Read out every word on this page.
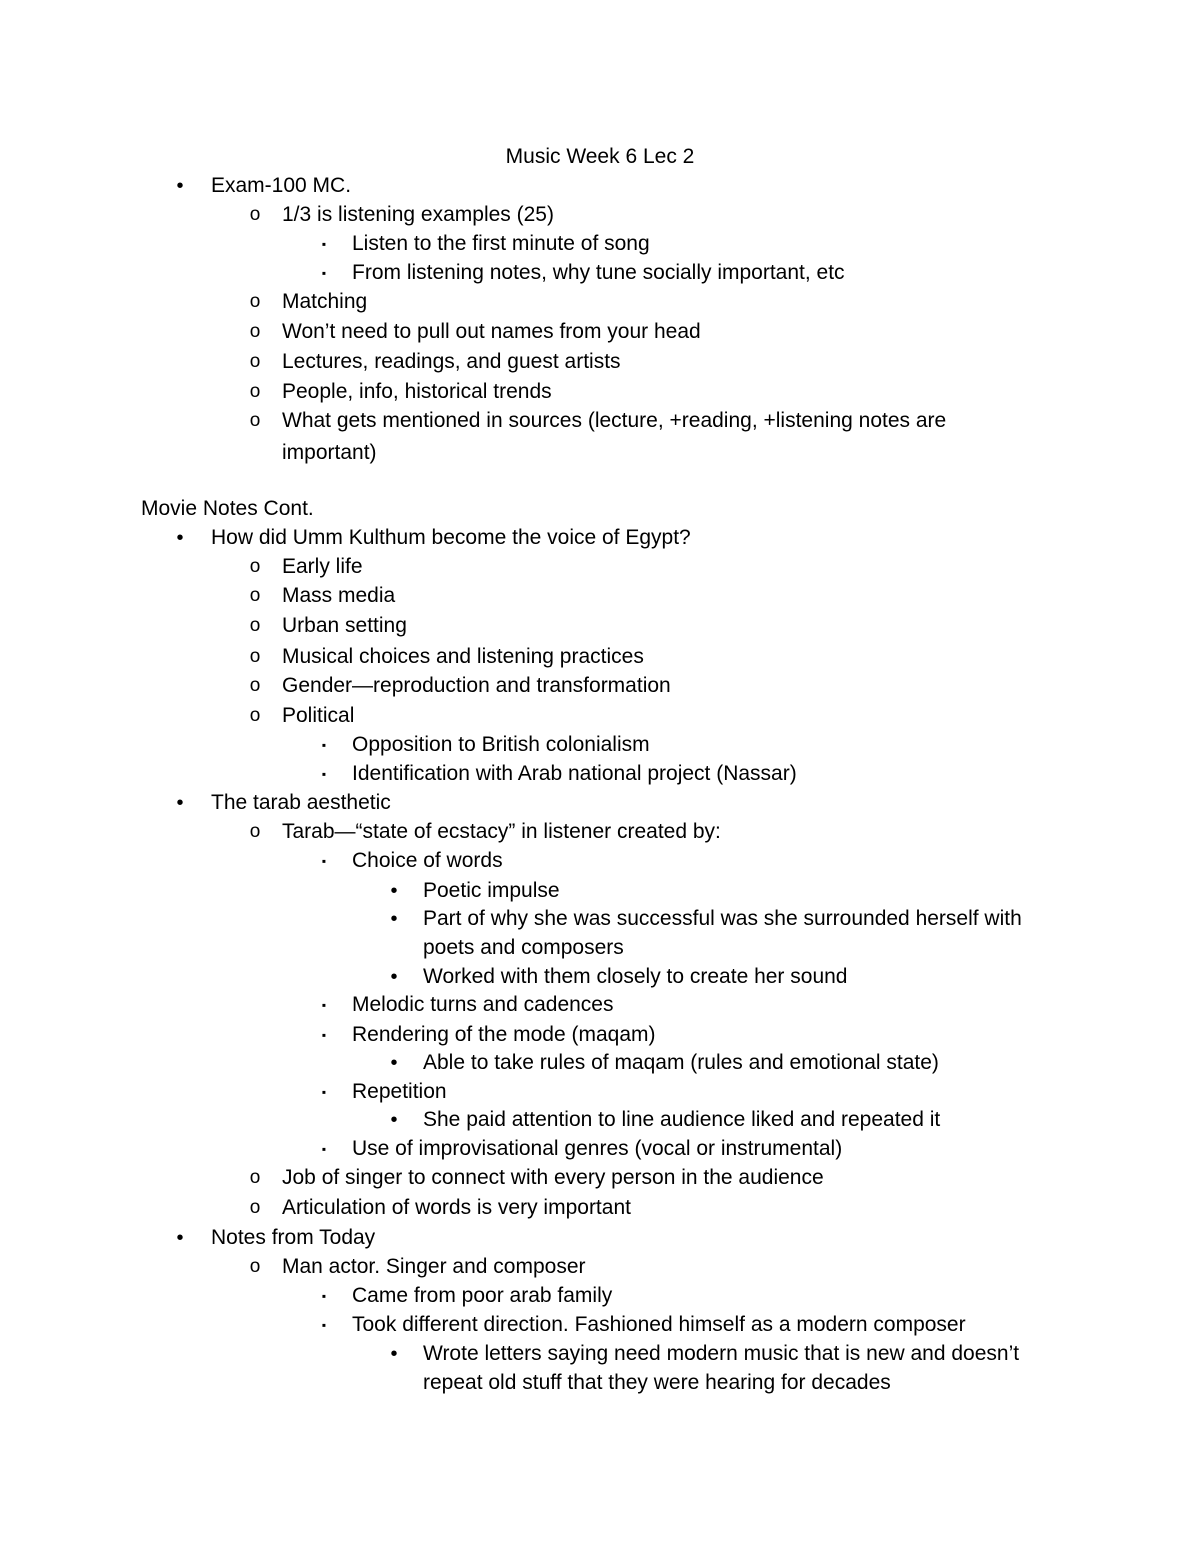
Music Week 6 Lec 2
•	Exam-100 MC.
o 1/3 is listening examples (25)
▪	Listen to the first minute of song
▪	From listening notes, why tune socially important, etc
o Matching
o Won’t need to pull out names from your head
o Lectures, readings, and guest artists
o People, info, historical trends
o What gets mentioned in sources (lecture, +reading, +listening notes are
important)
Movie Notes Cont.
•	How did Umm Kulthum become the voice of Egypt?
o Early life
o Mass media
o Urban setting
o Musical choices and listening practices
o Gender—reproduction and transformation
o Political
▪	Opposition to British colonialism
▪	Identification with Arab national project (Nassar)
•	The tarab aesthetic
o Tarab—“state of ecstacy” in listener created by:
▪	Choice of words
•	Poetic impulse
•	Part of why she was successful was she surrounded herself with
poets and composers
•	Worked with them closely to create her sound
▪	Melodic turns and cadences
▪	Rendering of the mode (maqam)
•	Able to take rules of maqam (rules and emotional state)
▪	Repetition
•	She paid attention to line audience liked and repeated it
▪	Use of improvisational genres (vocal or instrumental)
o Job of singer to connect with every person in the audience
o Articulation of words is very important
•	Notes from Today
o Man actor. Singer and composer
▪	Came from poor arab family
▪	Took different direction. Fashioned himself as a modern composer
•	Wrote letters saying need modern music that is new and doesn’t
repeat old stuff that they were hearing for decades
